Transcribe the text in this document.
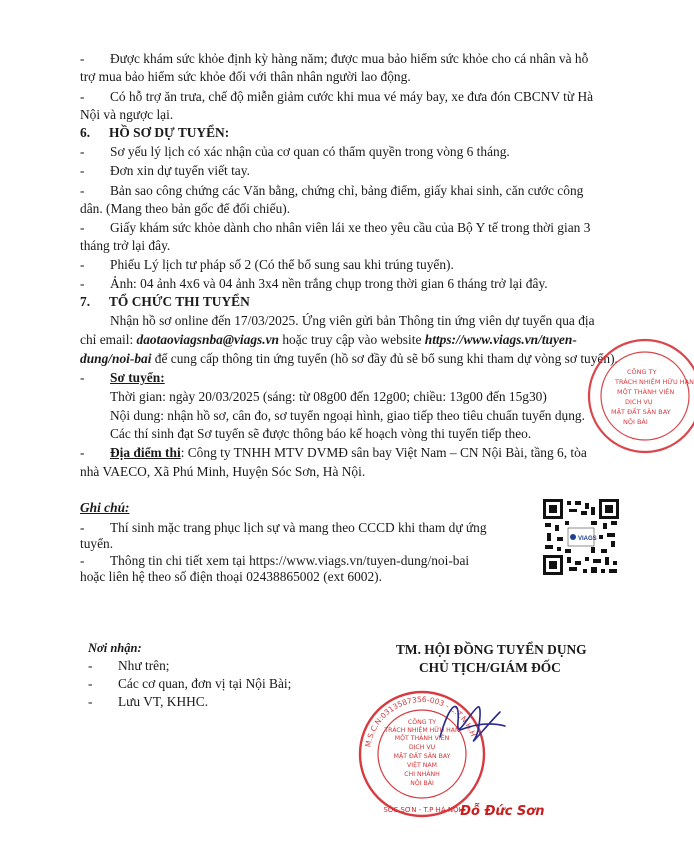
- Được khám sức khỏe định kỳ hàng năm; được mua bảo hiểm sức khỏe cho cá nhân và hỗ
trợ mua bảo hiểm sức khỏe đối với thân nhân người lao động.
- Có hỗ trợ ăn trưa, chế độ miễn giảm cước khi mua vé máy bay, xe đưa đón CBCNV từ Hà
Nội và ngược lại.
6. HỒ SƠ DỰ TUYỂN:
- Sơ yếu lý lịch có xác nhận của cơ quan có thẩm quyền trong vòng 6 tháng.
- Đơn xin dự tuyển viết tay.
- Bản sao công chứng các Văn bằng, chứng chỉ, bảng điểm, giấy khai sinh, căn cước công
dân. (Mang theo bản gốc để đối chiếu).
- Giấy khám sức khỏe dành cho nhân viên lái xe theo yêu cầu của Bộ Y tế trong thời gian 3
tháng trở lại đây.
- Phiếu Lý lịch tư pháp số 2 (Có thể bổ sung sau khi trúng tuyển).
- Ảnh: 04 ảnh 4x6 và 04 ảnh 3x4 nền trắng chụp trong thời gian 6 tháng trở lại đây.
7. TỔ CHỨC THI TUYỂN
Nhận hồ sơ online đến 17/03/2025. Ứng viên gửi bản Thông tin ứng viên dự tuyển qua địa
chỉ email: daotaoviagsnba@viags.vn hoặc truy cập vào website https://www.viags.vn/tuyen-
dung/noi-bai để cung cấp thông tin ứng tuyển (hồ sơ đầy đủ sẽ bổ sung khi tham dự vòng sơ tuyển).
- Sơ tuyển:
Thời gian: ngày 20/03/2025 (sáng: từ 08g00 đến 12g00; chiều: 13g00 đến 15g30)
Nội dung: nhận hồ sơ, cân đo, sơ tuyển ngoại hình, giao tiếp theo tiêu chuẩn tuyển dụng.
Các thí sinh đạt Sơ tuyển sẽ được thông báo kế hoạch vòng thi tuyển tiếp theo.
- Địa điểm thi: Công ty TNHH MTV DVMĐ sân bay Việt Nam – CN Nội Bài, tầng 6, tòa
nhà VAECO, Xã Phú Minh, Huyện Sóc Sơn, Hà Nội.
Ghi chú:
- Thí sinh mặc trang phục lịch sự và mang theo CCCD khi tham dự ứng
tuyển.
- Thông tin chi tiết xem tại https://www.viags.vn/tuyen-dung/noi-bai
hoặc liên hệ theo số điện thoại 02438865002 (ext 6002).
VIAGS
CÔNG TY
TRÁCH NHIỆM HỮU HẠN
MỘT THÀNH VIÊN
DỊCH VỤ
MẶT ĐẤT SÂN BAY
NỘI BÀI
Nơi nhận:
- Như trên;
- Các cơ quan, đơn vị tại Nội Bài;
- Lưu VT, KHHC.
TM. HỘI ĐỒNG TUYỂN DỤNG
CHỦ TỊCH/GIÁM ĐỐC
M.S.C.N:0313587356-003 - C.T.N.H.H
SÓC SƠN - T.P HÀ NỘI
CÔNG TY
TRÁCH NHIỆM HỮU HẠN
MỘT THÀNH VIÊN
DỊCH VỤ
MẶT ĐẤT SÂN BAY
VIỆT NAM
CHI NHÁNH
NỘI BÀI
Đỗ Đức Sơn
